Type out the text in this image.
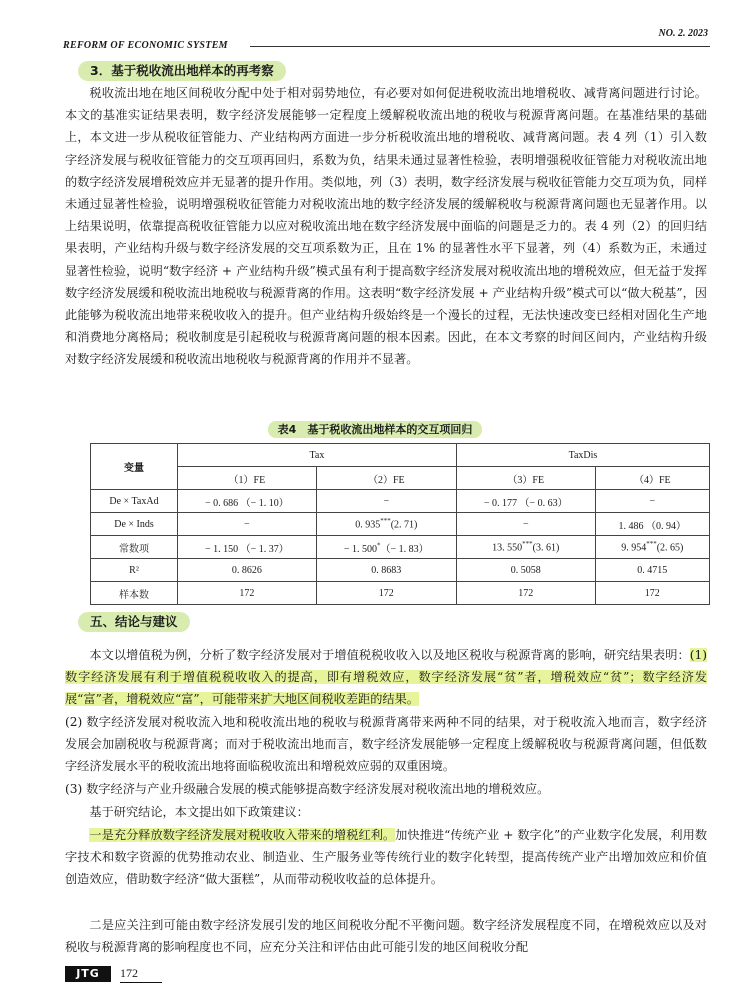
NO. 2. 2023
REFORM OF ECONOMIC SYSTEM
3．基于税收流出地样本的再考察

税收流出地在地区间税收分配中处于相对弱势地位，有必要对如何促进税收流出地增税收、减背离问题进行讨论。本文的基准实证结果表明，数字经济发展能够一定程度上缓解税收流出地的税收与税源背离问题。在基准结果的基础上，本文进一步从税收征管能力、产业结构两方面进一步分析税收流出地的增税收、减背离问题。表 4 列（1）引入数字经济发展与税收征管能力的交互项再回归，系数为负，结果未通过显著性检验，表明增强税收征管能力对税收流出地的数字经济发展增税效应并无显著的提升作用。类似地，列（3）表明，数字经济发展与税收征管能力交互项为负，同样未通过显著性检验，说明增强税收征管能力对税收流出地的数字经济发展的缓解税收与税源背离问题也无显著作用。以上结果说明，依靠提高税收征管能力以应对税收流出地在数字经济发展中面临的问题是乏力的。表 4 列（2）的回归结果表明，产业结构升级与数字经济发展的交互项系数为正，且在 1% 的显著性水平下显著，列（4）系数为正，未通过显著性检验，说明“数字经济 + 产业结构升级”模式虽有利于提高数字经济发展对税收流出地的增税效应，但无益于发挥数字经济发展缓和税收流出地税收与税源背离的作用。这表明“数字经济发展 + 产业结构升级”模式可以“做大税基”，因此能够为税收流出地带来税收收入的提升。但产业结构升级始终是一个漫长的过程，无法快速改变已经相对固化生产地和消费地分离格局；税收制度是引起税收与税源背离问题的根本因素。因此，在本文考察的时间区间内，产业结构升级对数字经济发展缓和税收流出地税收与税源背离的作用并不显著。

表4　基于税收流出地样本的交互项回归
变量	Tax		TaxDis	
	（1）FE	（2）FE	（3）FE	（4）FE
De × TaxAd	− 0. 686 （− 1. 10）	−	− 0. 177 （− 0. 63）	−
De × Inds	−	0. 935***(2. 71)	−	1. 486 （0. 94）
常数项	− 1. 150 （− 1. 37）	− 1. 500*（− 1. 83）	13. 550***(3. 61)	9. 954***(2. 65)
R²	0. 8626	0. 8683	0. 5058	0. 4715
样本数	172	172	172	172
五、结论与建议

本文以增值税为例，分析了数字经济发展对于增值税税收收入以及地区税收与税源背离的影响，研究结果表明：(1) 数字经济发展有利于增值税税收收入的提高，即有增税效应，数字经济发展“贫”者，增税效应“贫”；数字经济发展“富”者，增税效应“富”，可能带来扩大地区间税收差距的结果。

(2) 数字经济发展对税收流入地和税收流出地的税收与税源背离带来两种不同的结果，对于税收流入地而言，数字经济发展会加剧税收与税源背离；而对于税收流出地而言，数字经济发展能够一定程度上缓解税收与税源背离问题，但低数字经济发展水平的税收流出地将面临税收流出和增税效应弱的双重困境。

(3) 数字经济与产业升级融合发展的模式能够提高数字经济发展对税收流出地的增税效应。

基于研究结论，本文提出如下政策建议：

一是充分释放数字经济发展对税收收入带来的增税红利。加快推进“传统产业 + 数字化”的产业数字化发展，利用数字技术和数字资源的优势推动农业、制造业、生产服务业等传统行业的数字化转型，提高传统产业产出增加效应和价值创造效应，借助数字经济“做大蛋糕”，从而带动税收收益的总体提升。

二是应关注到可能由数字经济发展引发的地区间税收分配不平衡问题。数字经济发展程度不同，在增税效应以及对税收与税源背离的影响程度也不同，应充分关注和评估由此可能引发的地区间税收分配

JTG	172
